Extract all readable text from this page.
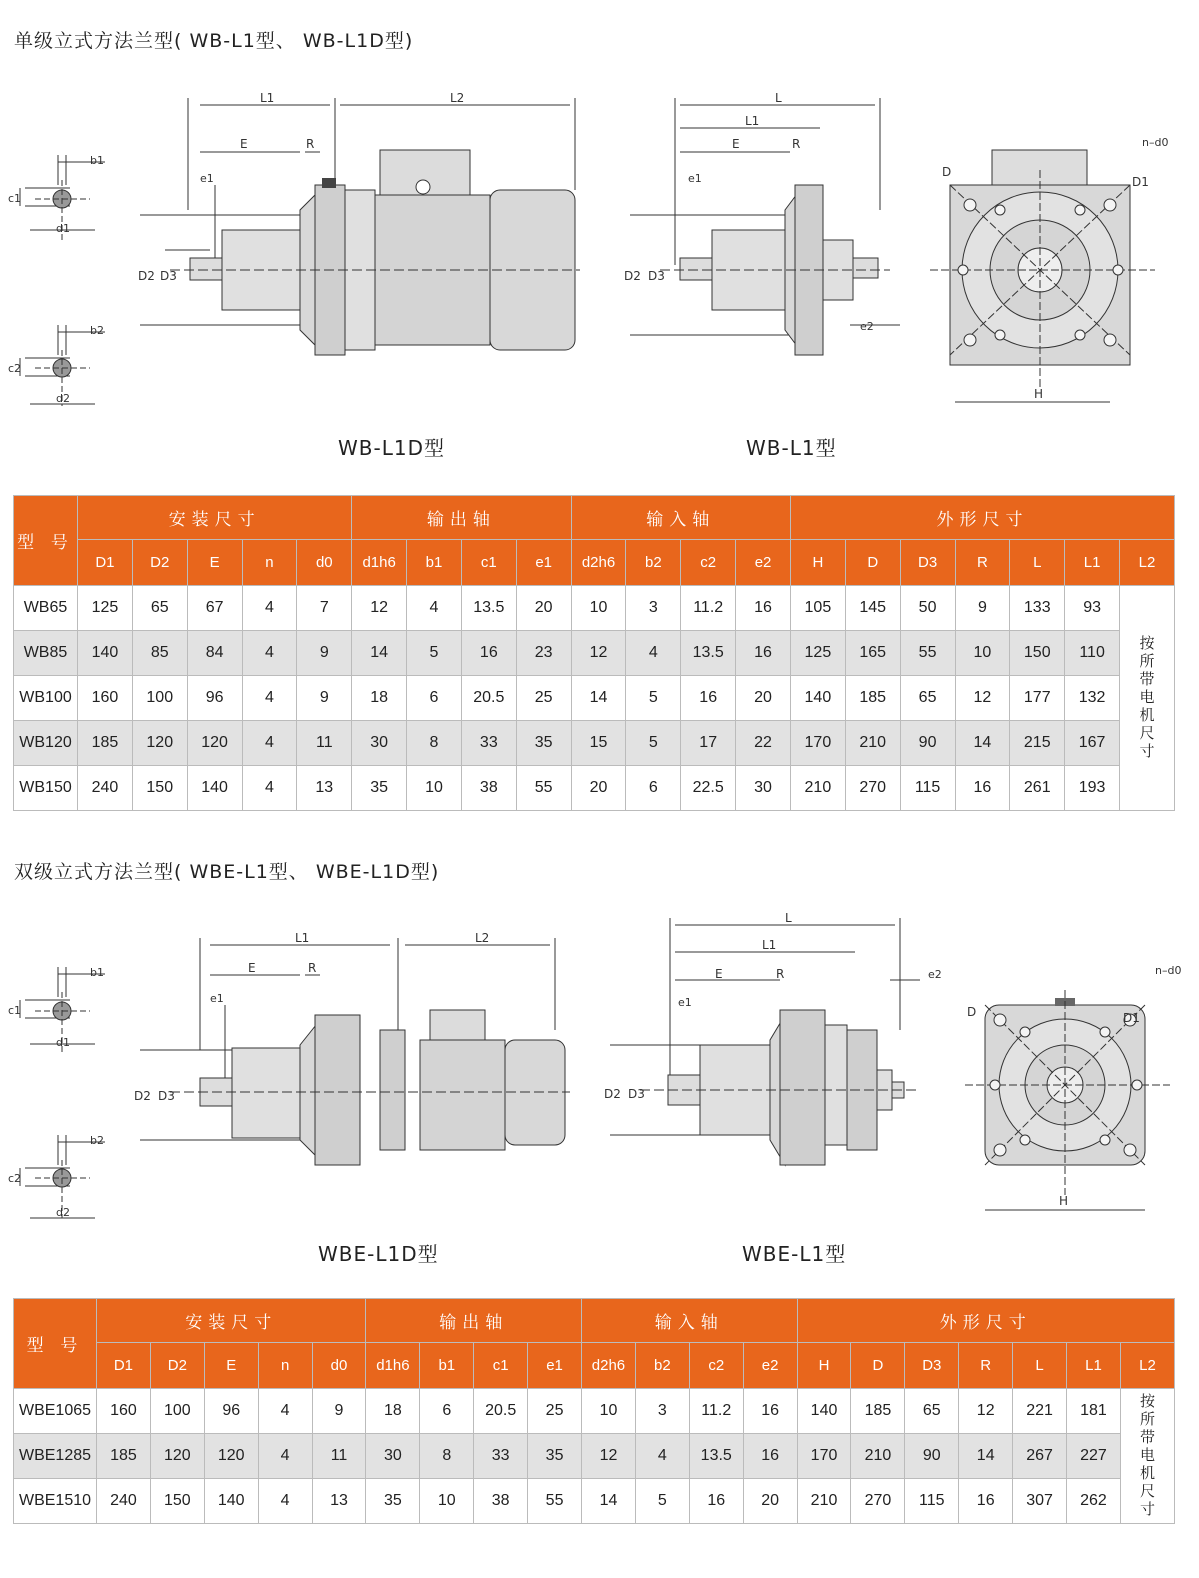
单级立式方法兰型( WB-L1型、 WB-L1D型)
b1
c1
d1
b2
c2
d2
L1	L2
E	R
e1
D2 D3
WB-L1D型
L
L1
E	R
e1
e2
D2 D3
WB-L1型
D
D1
n–d0
H
型 号	安装尺寸					输出轴				输入轴				外形尺寸						
	D1	D2	E	n	d0	d1h6	b1	c1	e1	d2h6	b2	c2	e2	H	D	D3	R	L	L1	L2
WB65	125	65	67	4	7	12	4	13.5	20	10	3	11.2	16	105	145	50	9	133	93	按所带电机尺寸
WB85	140	85	84	4	9	14	5	16	23	12	4	13.5	16	125	165	55	10	150	110	
WB100	160	100	96	4	9	18	6	20.5	25	14	5	16	20	140	185	65	12	177	132	
WB120	185	120	120	4	11	30	8	33	35	15	5	17	22	170	210	90	14	215	167	
WB150	240	150	140	4	13	35	10	38	55	20	6	22.5	30	210	270	115	16	261	193	
双级立式方法兰型( WBE-L1型、 WBE-L1D型)
b1
c1
d1
b2
c2
d2
L1	L2
E	R
e1
D2 D3
WBE-L1D型
L
L1
E	R
e1
e2
D2 D3
WBE-L1型
D	D1
n–d0
H
型 号	安装尺寸					输出轴				输入轴				外形尺寸						
	D1	D2	E	n	d0	d1h6	b1	c1	e1	d2h6	b2	c2	e2	H	D	D3	R	L	L1	L2
WBE1065	160	100	96	4	9	18	6	20.5	25	10	3	11.2	16	140	185	65	12	221	181	按所带电机尺寸
WBE1285	185	120	120	4	11	30	8	33	35	12	4	13.5	16	170	210	90	14	267	227	
WBE1510	240	150	140	4	13	35	10	38	55	14	5	16	20	210	270	115	16	307	262	
